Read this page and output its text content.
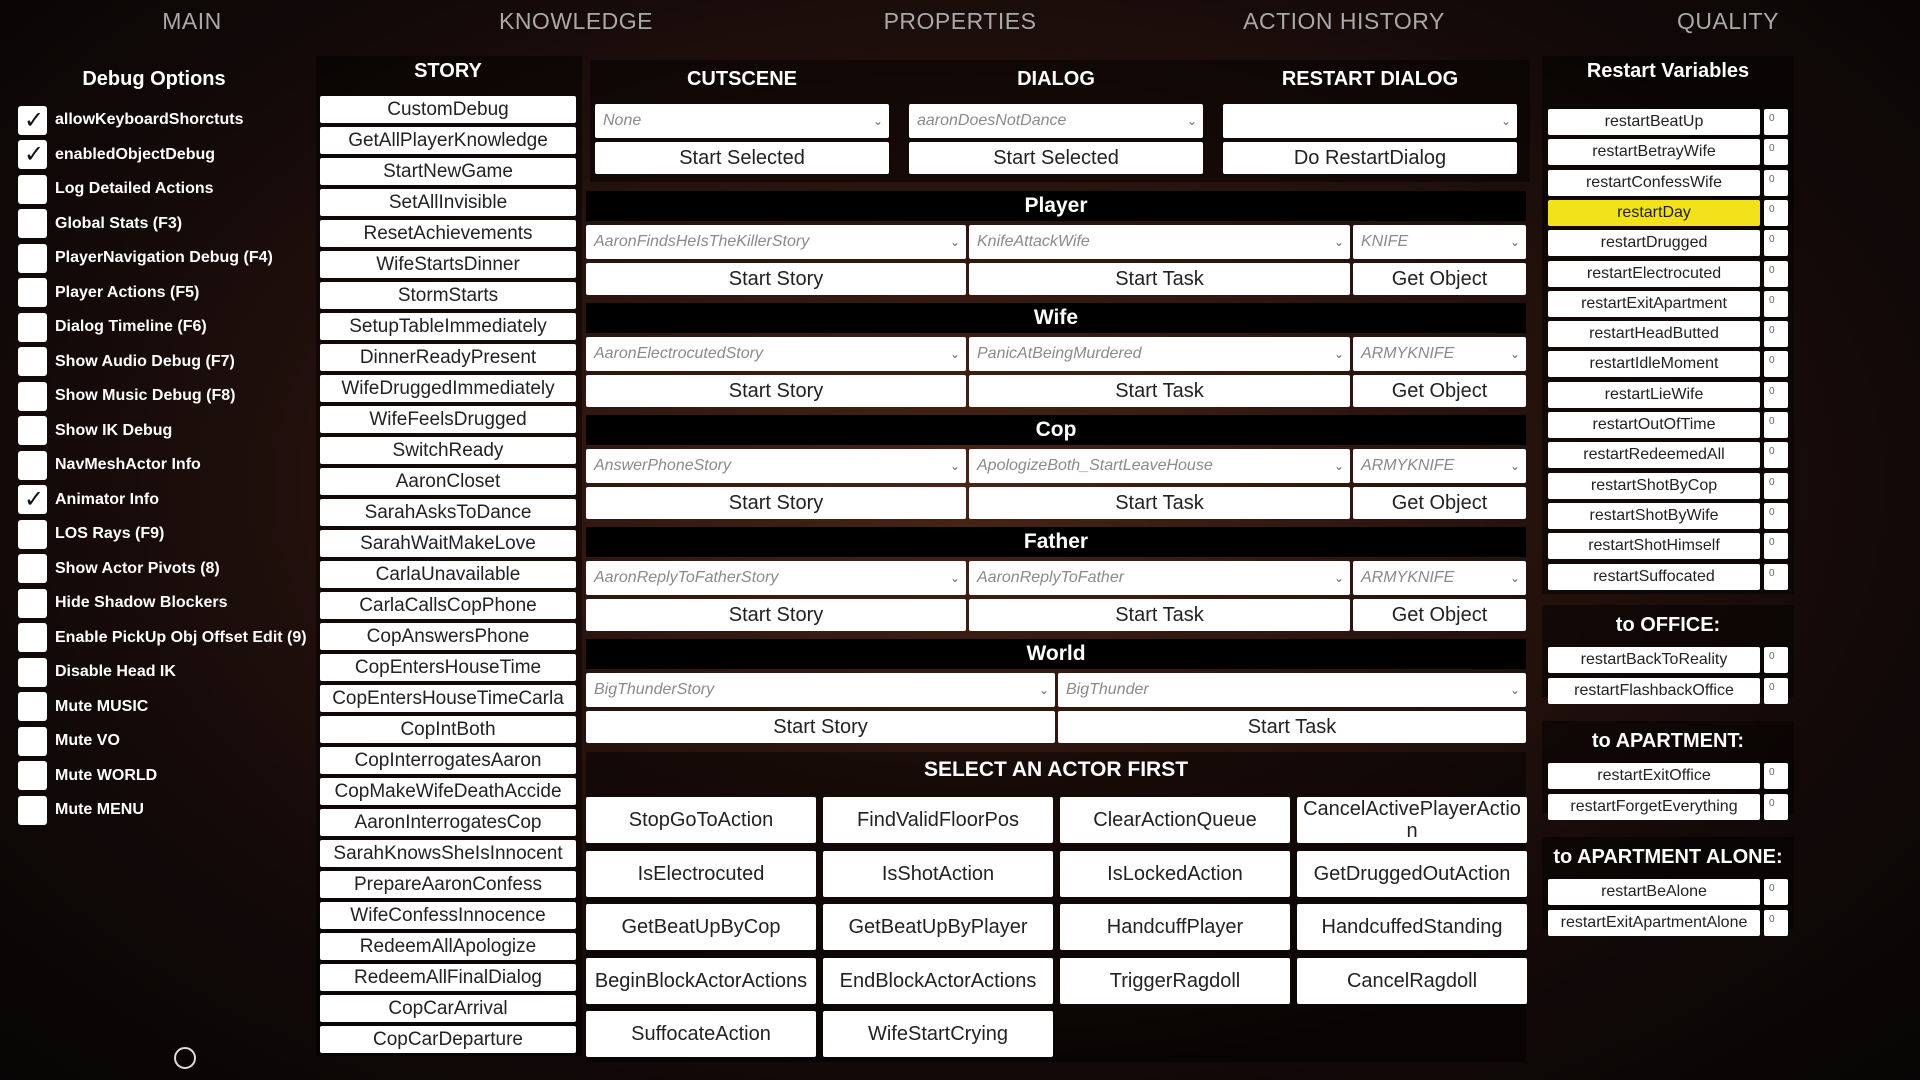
MAIN	KNOWLEDGE	PROPERTIES	ACTION HISTORY	QUALITY
Debug Options
✓ allowKeyboardShorctuts
✓ enabledObjectDebug
Log Detailed Actions
Global Stats (F3)
PlayerNavigation Debug (F4)
Player Actions (F5)
Dialog Timeline (F6)
Show Audio Debug (F7)
Show Music Debug (F8)
Show IK Debug
NavMeshActor Info
✓ Animator Info
LOS Rays (F9)
Show Actor Pivots (8)
Hide Shadow Blockers
Enable PickUp Obj Offset Edit (9)
Disable Head IK
Mute MUSIC
Mute VO
Mute WORLD
Mute MENU
STORY
CustomDebug
GetAllPlayerKnowledge
StartNewGame
SetAllInvisible
ResetAchievements
WifeStartsDinner
StormStarts
SetupTableImmediately
DinnerReadyPresent
WifeDruggedImmediately
WifeFeelsDrugged
SwitchReady
AaronCloset
SarahAsksToDance
SarahWaitMakeLove
CarlaUnavailable
CarlaCallsCopPhone
CopAnswersPhone
CopEntersHouseTime
CopEntersHouseTimeCarla
CopIntBoth
CopInterrogatesAaron
CopMakeWifeDeathAccide
AaronInterrogatesCop
SarahKnowsSheIsInnocent
PrepareAaronConfess
WifeConfessInnocence
RedeemAllApologize
RedeemAllFinalDialog
CopCarArrival
CopCarDeparture
CUTSCENE
None	⌄
Start Selected
DIALOG
aaronDoesNotDance	⌄
Start Selected
RESTART DIALOG
⌄
Do RestartDialog
Player
AaronFindsHeIsTheKillerStory	⌄	KnifeAttackWife	⌄	KNIFE	⌄
Start Story	Start Task	Get Object
Wife
AaronElectrocutedStory	⌄	PanicAtBeingMurdered	⌄	ARMYKNIFE	⌄
Start Story	Start Task	Get Object
Cop
AnswerPhoneStory	⌄	ApologizeBoth_StartLeaveHouse	⌄	ARMYKNIFE	⌄
Start Story	Start Task	Get Object
Father
AaronReplyToFatherStory	⌄	AaronReplyToFather	⌄	ARMYKNIFE	⌄
Start Story	Start Task	Get Object
World
BigThunderStory	⌄	BigThunder	⌄
Start Story	Start Task
SELECT AN ACTOR FIRST
StopGoToAction	FindValidFloorPos	ClearActionQueue	CancelActivePlayerActio
n
IsElectrocuted	IsShotAction	IsLockedAction	GetDruggedOutAction
GetBeatUpByCop	GetBeatUpByPlayer	HandcuffPlayer	HandcuffedStanding
BeginBlockActorActions	EndBlockActorActions	TriggerRagdoll	CancelRagdoll
SuffocateAction	WifeStartCrying
Restart Variables
restartBeatUp	0
restartBetrayWife	0
restartConfessWife	0
restartDay	0
restartDrugged	0
restartElectrocuted	0
restartExitApartment	0
restartHeadButted	0
restartIdleMoment	0
restartLieWife	0
restartOutOfTime	0
restartRedeemedAll	0
restartShotByCop	0
restartShotByWife	0
restartShotHimself	0
restartSuffocated	0
to OFFICE:
restartBackToReality	0
restartFlashbackOffice	0
to APARTMENT:
restartExitOffice	0
restartForgetEverything	0
to APARTMENT ALONE:
restartBeAlone	0
restartExitApartmentAlone	0
